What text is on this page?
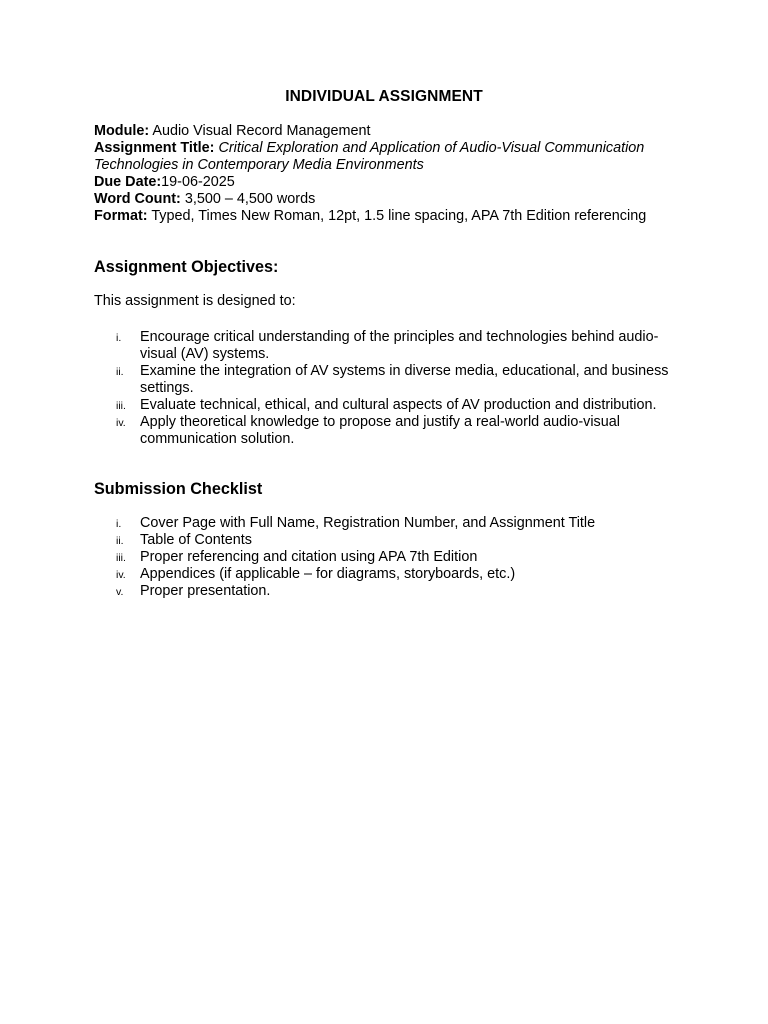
INDIVIDUAL ASSIGNMENT
Module: Audio Visual Record Management
Assignment Title: Critical Exploration and Application of Audio-Visual Communication Technologies in Contemporary Media Environments
Due Date:19-06-2025
Word Count: 3,500 – 4,500 words
Format: Typed, Times New Roman, 12pt, 1.5 line spacing, APA 7th Edition referencing
Assignment Objectives:
This assignment is designed to:
i. Encourage critical understanding of the principles and technologies behind audio-visual (AV) systems.
ii. Examine the integration of AV systems in diverse media, educational, and business settings.
iii. Evaluate technical, ethical, and cultural aspects of AV production and distribution.
iv. Apply theoretical knowledge to propose and justify a real-world audio-visual communication solution.
Submission Checklist
i. Cover Page with Full Name, Registration Number, and Assignment Title
ii. Table of Contents
iii. Proper referencing and citation using APA 7th Edition
iv. Appendices (if applicable – for diagrams, storyboards, etc.)
v. Proper presentation.
